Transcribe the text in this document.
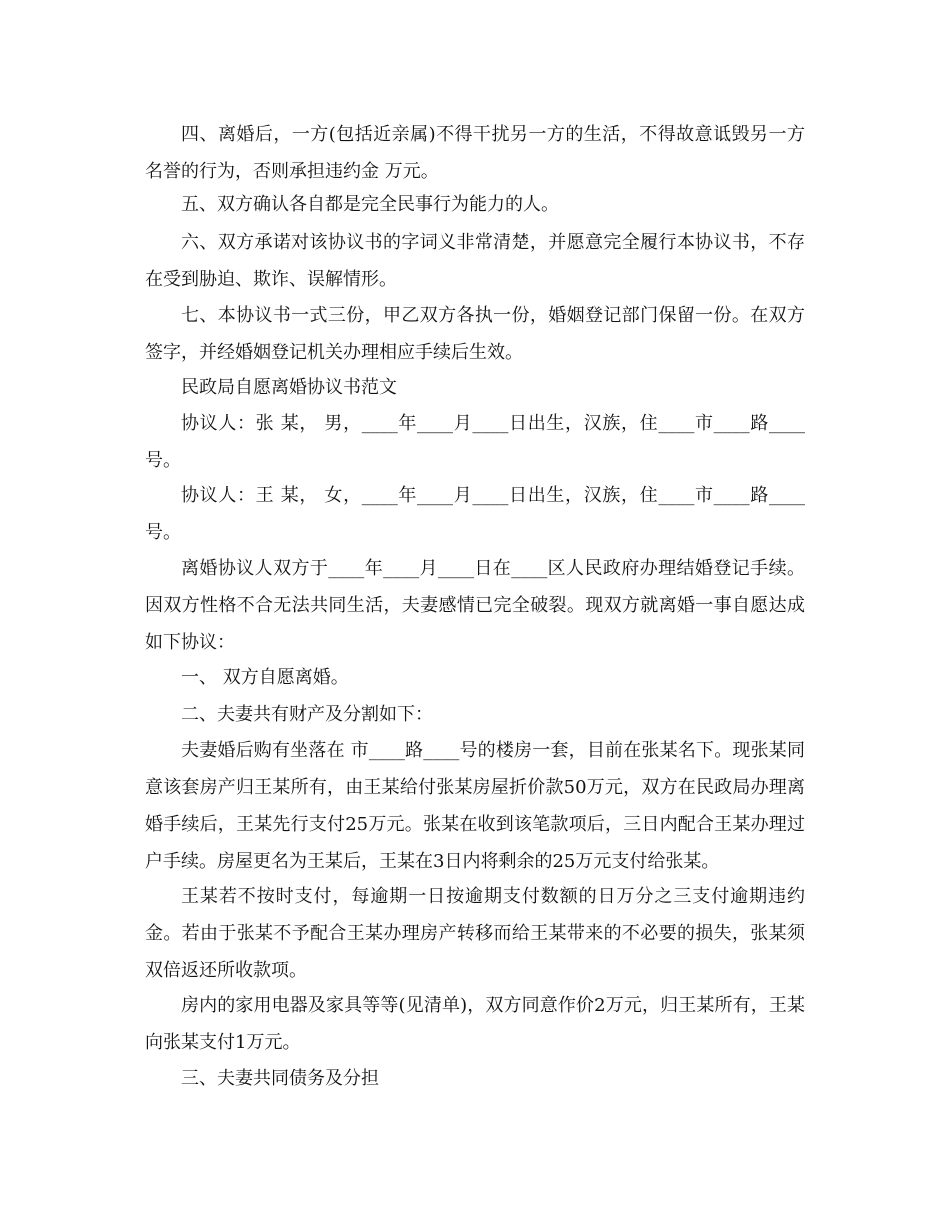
四、离婚后，一方(包括近亲属)不得干扰另一方的生活，不得故意诋毁另一方名誉的行为，否则承担违约金 万元。

五、双方确认各自都是完全民事行为能力的人。

六、双方承诺对该协议书的字词义非常清楚，并愿意完全履行本协议书，不存在受到胁迫、欺诈、误解情形。

七、本协议书一式三份，甲乙双方各执一份，婚姻登记部门保留一份。在双方签字，并经婚姻登记机关办理相应手续后生效。

民政局自愿离婚协议书范文

协议人：张 某， 男，____年____月____日出生，汉族，住____市____路____号。

协议人：王 某， 女，____年____月____日出生，汉族，住____市____路____号。

离婚协议人双方于____年____月____日在____区人民政府办理结婚登记手续。因双方性格不合无法共同生活，夫妻感情已完全破裂。现双方就离婚一事自愿达成如下协议：

一、 双方自愿离婚。

二、夫妻共有财产及分割如下：

夫妻婚后购有坐落在 市____路____号的楼房一套，目前在张某名下。现张某同意该套房产归王某所有，由王某给付张某房屋折价款50万元，双方在民政局办理离婚手续后，王某先行支付25万元。张某在收到该笔款项后，三日内配合王某办理过户手续。房屋更名为王某后，王某在3日内将剩余的25万元支付给张某。

王某若不按时支付，每逾期一日按逾期支付数额的日万分之三支付逾期违约金。若由于张某不予配合王某办理房产转移而给王某带来的不必要的损失，张某须双倍返还所收款项。

房内的家用电器及家具等等(见清单)，双方同意作价2万元，归王某所有，王某向张某支付1万元。

三、夫妻共同债务及分担
